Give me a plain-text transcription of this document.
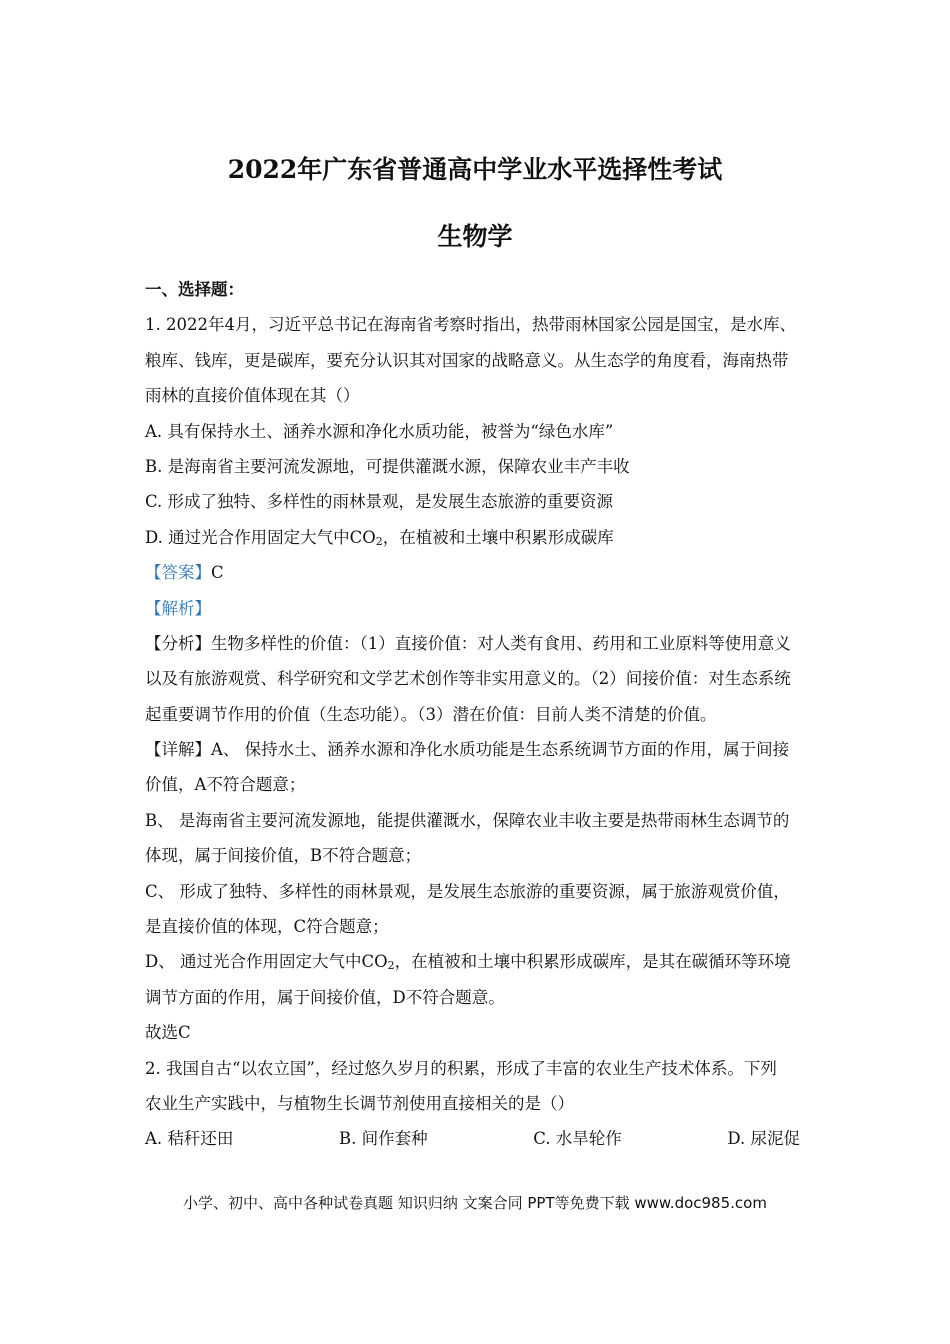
2022年广东省普通高中学业水平选择性考试
生物学
一、选择题：
1. 2022年4月，习近平总书记在海南省考察时指出，热带雨林国家公园是国宝，是水库、
粮库、钱库，更是碳库，要充分认识其对国家的战略意义。从生态学的角度看，海南热带
雨林的直接价值体现在其（）
A. 具有保持水土、涵养水源和净化水质功能，被誉为“绿色水库”
B. 是海南省主要河流发源地，可提供灌溉水源，保障农业丰产丰收
C. 形成了独特、多样性的雨林景观，是发展生态旅游的重要资源
D. 通过光合作用固定大气中$CO_2$，在植被和土壤中积累形成碳库
【答案】C
【解析】
【分析】生物多样性的价值：（1）直接价值：对人类有食用、药用和工业原料等使用意义
以及有旅游观赏、科学研究和文学艺术创作等非实用意义的。（2）间接价值：对生态系统
起重要调节作用的价值（生态功能）。（3）潜在价值：目前人类不清楚的价值。
【详解】A、 保持水土、涵养水源和净化水质功能是生态系统调节方面的作用，属于间接
价值，A不符合题意；
B、 是海南省主要河流发源地，能提供灌溉水，保障农业丰收主要是热带雨林生态调节的
体现，属于间接价值，B不符合题意；
C、 形成了独特、多样性的雨林景观，是发展生态旅游的重要资源，属于旅游观赏价值，
是直接价值的体现，C符合题意；
D、 通过光合作用固定大气中$CO_2$，在植被和土壤中积累形成碳库，是其在碳循环等环境
调节方面的作用，属于间接价值，D不符合题意。
故选C
2. 我国自古“以农立国”，经过悠久岁月的积累，形成了丰富的农业生产技术体系。下列
农业生产实践中，与植物生长调节剂使用直接相关的是（）
A. 秸秆还田	B. 间作套种	C. 水旱轮作	D. 尿泥促
小学、初中、高中各种试卷真题 知识归纳 文案合同 PPT等免费下载 www.doc985.com
